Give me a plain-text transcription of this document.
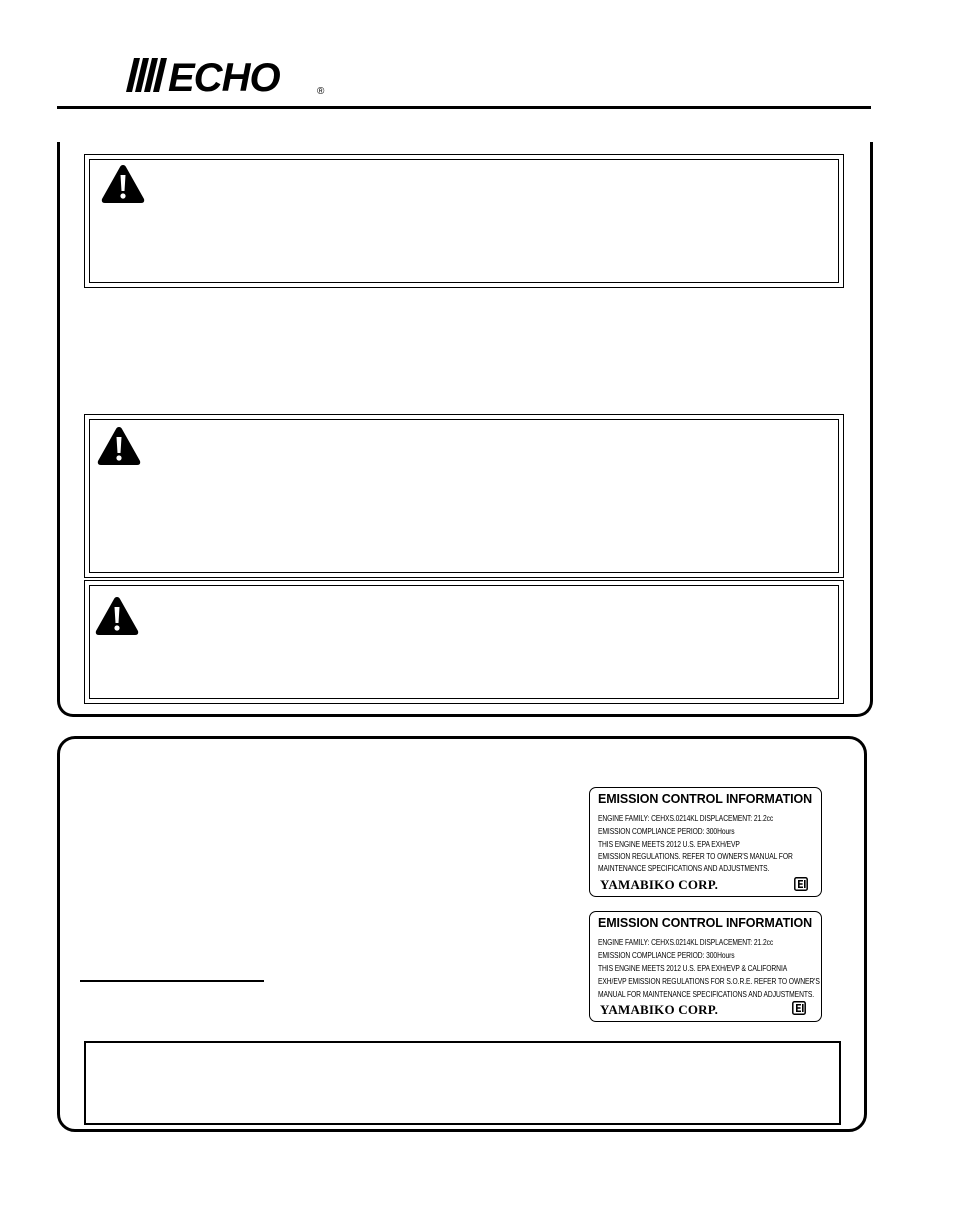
ECHO	®
EMISSION CONTROL INFORMATION
ENGINE FAMILY: CEHXS.0214KL DISPLACEMENT: 21.2cc
EMISSION COMPLIANCE PERIOD: 300Hours
THIS ENGINE MEETS 2012 U.S. EPA EXH/EVP
EMISSION REGULATIONS. REFER TO OWNER'S MANUAL FOR
MAINTENANCE SPECIFICATIONS AND ADJUSTMENTS.
YAMABIKO CORP.
EMISSION CONTROL INFORMATION
ENGINE FAMILY: CEHXS.0214KL DISPLACEMENT: 21.2cc
EMISSION COMPLIANCE PERIOD: 300Hours
THIS ENGINE MEETS 2012 U.S. EPA EXH/EVP & CALIFORNIA
EXH/EVP EMISSION REGULATIONS FOR S.O.R.E. REFER TO OWNER'S
MANUAL FOR MAINTENANCE SPECIFICATIONS AND ADJUSTMENTS.
YAMABIKO CORP.
